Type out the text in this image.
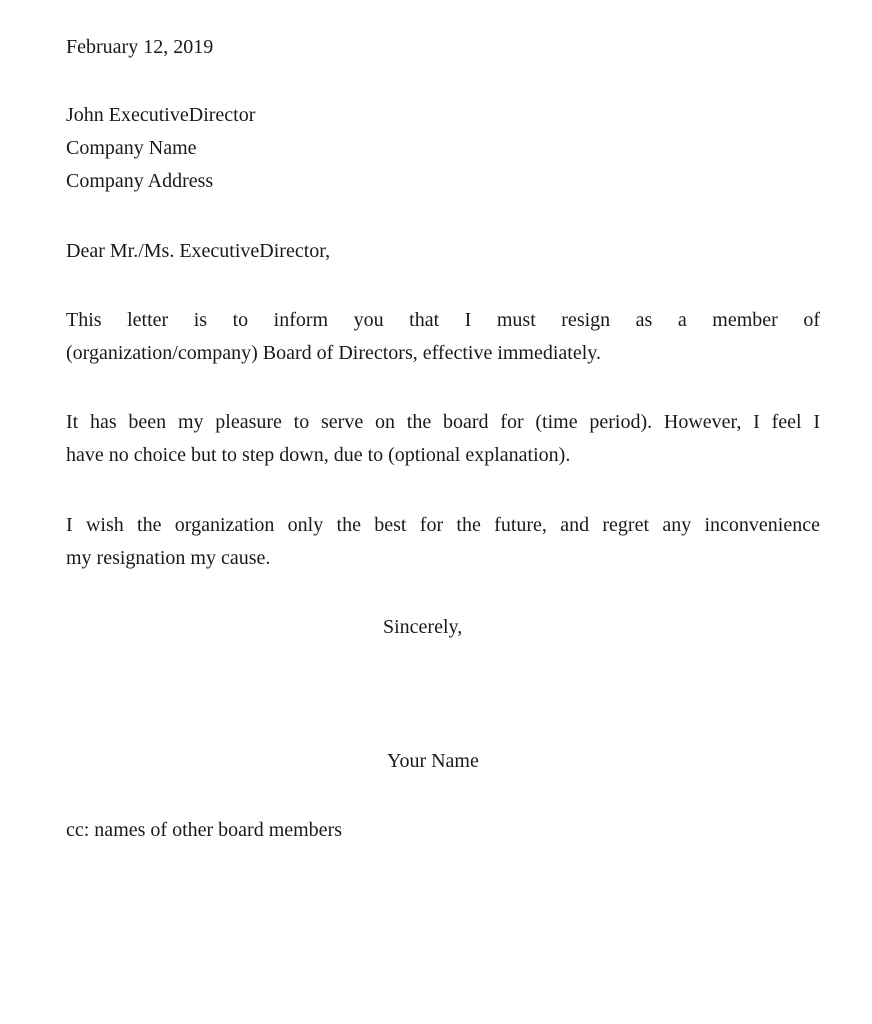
February 12, 2019
John ExecutiveDirector
Company Name
Company Address
Dear Mr./Ms. ExecutiveDirector,
This letter is to inform you that I must resign as a member of
(organization/company) Board of Directors, effective immediately.
It has been my pleasure to serve on the board for (time period). However, I feel I
have no choice but to step down, due to (optional explanation).
I wish the organization only the best for the future, and regret any inconvenience
my resignation my cause.
Sincerely,
Your Name
cc: names of other board members
